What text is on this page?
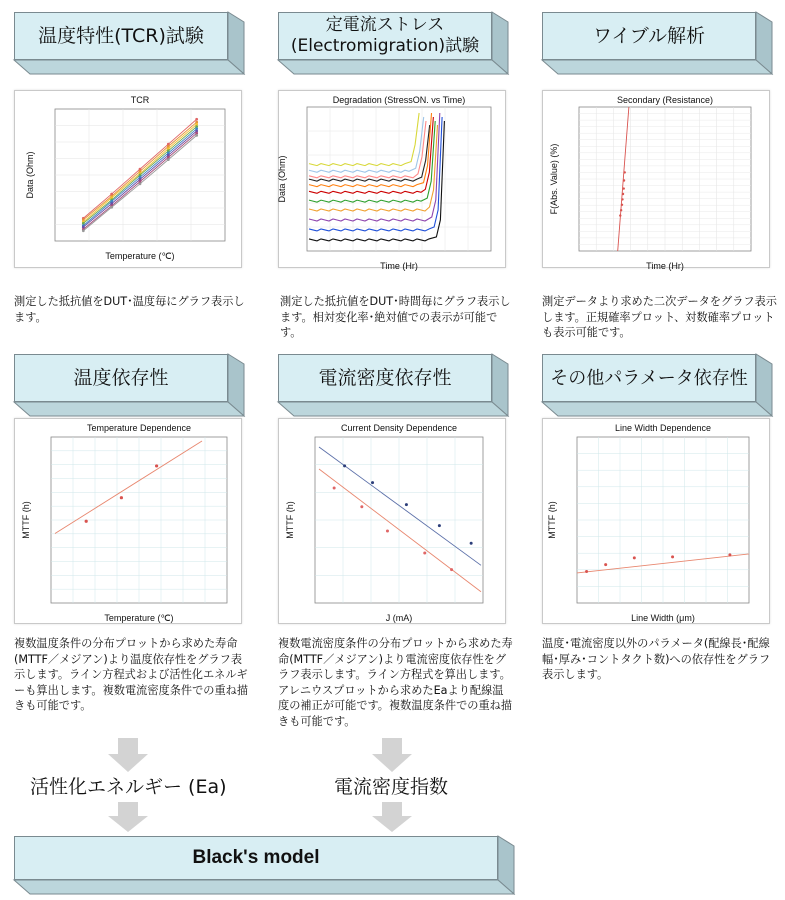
温度特性(TCR)試験	定電流ストレス
(Electromigration)試験	ワイブル解析
TCR
Temperature (℃)
Data (Ohm)
Degradation (StressON. vs Time)
Time (Hr)
Data (Ohm)
Secondary (Resistance)
Time (Hr)
F(Abs. Value) (%)
測定した抵抗値をDUT･温度毎にグラフ表示します。
測定した抵抗値をDUT･時間毎にグラフ表示します。相対変化率･絶対値での表示が可能です。
測定データより求めた二次データをグラフ表示します。正規確率プロット、対数確率プロットも表示可能です。
温度依存性	電流密度依存性	その他パラメータ依存性
Temperature Dependence
Temperature (℃)
MTTF (h)
Current Density Dependence
J (mA)
MTTF (h)
Line Width Dependence
Line Width (μm)
MTTF (h)
複数温度条件の分布プロットから求めた寿命(MTTF／メジアン)より温度依存性をグラフ表示します。ライン方程式および活性化エネルギーも算出します。複数電流密度条件での重ね描きも可能です。
複数電流密度条件の分布プロットから求めた寿命(MTTF／メジアン)より電流密度依存性をグラフ表示します。ライン方程式を算出します。アレニウスプロットから求めたEaより配線温度の補正が可能です。複数温度条件での重ね描きも可能です。
温度･電流密度以外のパラメータ(配線長･配線幅･厚み･コントタクト数)への依存性をグラフ表示します。
活性化エネルギー (Ea)	電流密度指数
Black's model
